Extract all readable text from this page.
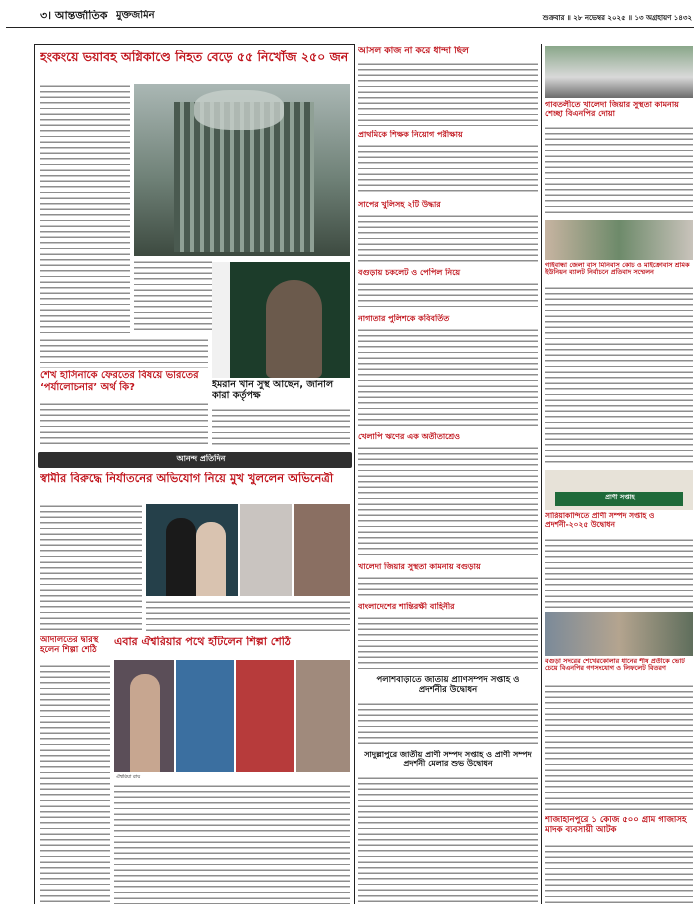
৩। আন্তর্জাতিক মুক্তজমিন	শুক্রবার ॥ ২৮ নভেম্বর ২০২৫ ॥ ১৩ অগ্রহায়ণ ১৪৩২
হংকংয়ে ভয়াবহ অগ্নিকাণ্ডে নিহত বেড়ে ৫৫ নিখোঁজ ২৫০ জন
শেখ হাসিনাকে ফেরতের বিষয়ে ভারতের ‘পর্যালোচনার’ অর্থ কি?	ইমরান খান সুস্থ আছেন, জানাল কারা কর্তৃপক্ষ
আনন্দ প্রতিদিন
স্বামীর বিরুদ্ধে নির্যাতনের অভিযোগ নিয়ে মুখ খুললেন অভিনেত্রী
আদালতের দ্বারস্থ হলেন শিল্পা শেঠি
এবার ঐশ্বরিয়ার পথে হাঁটলেন শিল্পা শেঠি
ঐশ্বরিয়া রায়
আসল কাজ না করে ধান্দা ছিল
প্রাথমিকে শিক্ষক নিয়োগ পরীক্ষায়
সাপের খুলিসহ ২টি উদ্ধার
বগুড়ায় চকলেট ও পেপিল নিয়ে
নাগাতার পুলিশকে কবিবর্তিত
খেলাপি ঋণের এক অতীতাশ্রেও
খালেদা জিয়ার সুস্থতা কামনায় বগুড়ায়
বাংলাদেশের শান্তিরক্ষী বাহিনীর
পলাশবাড়ীতে জাতীয় প্রাণিসম্পদ সপ্তাহ ও প্রদর্শনীর উদ্বোধন
সাদুল্লাপুরে জাতীয় প্রাণী সম্পদ সপ্তাহ ও প্রাণী সম্পদ প্রদর্শনী মেলার শুভ উদ্বোধন
গাবতলীতে খালেদা জিয়ার সুস্থতা কামনায় শেচ্ছা বিএনপির দোয়া
গাইবান্ধা জেলা বাস মিনিবাস কোচ ও মাইক্রোবাস শ্রমিক ইউনিয়ন ব্যালট নির্বাচনে প্রতিবাদ সম্মেলন
প্রাণী সপ্তাহ
সারিয়াকান্দিতে প্রাণী সম্পদ সপ্তাহ ও প্রদর্শনী-২০২৫ উদ্বোধন
বগুড়া সদরের শেখেরকোলার ধানের শীষ প্রতীকে ভোট চেয়ে বিএনপির গণসংযোগ ও লিফলেট বিতরণ
শাজাহানপুরে ১ কেজি ৫০০ গ্রাম গাজাসহ মাদক ব্যবসায়ী আটক
